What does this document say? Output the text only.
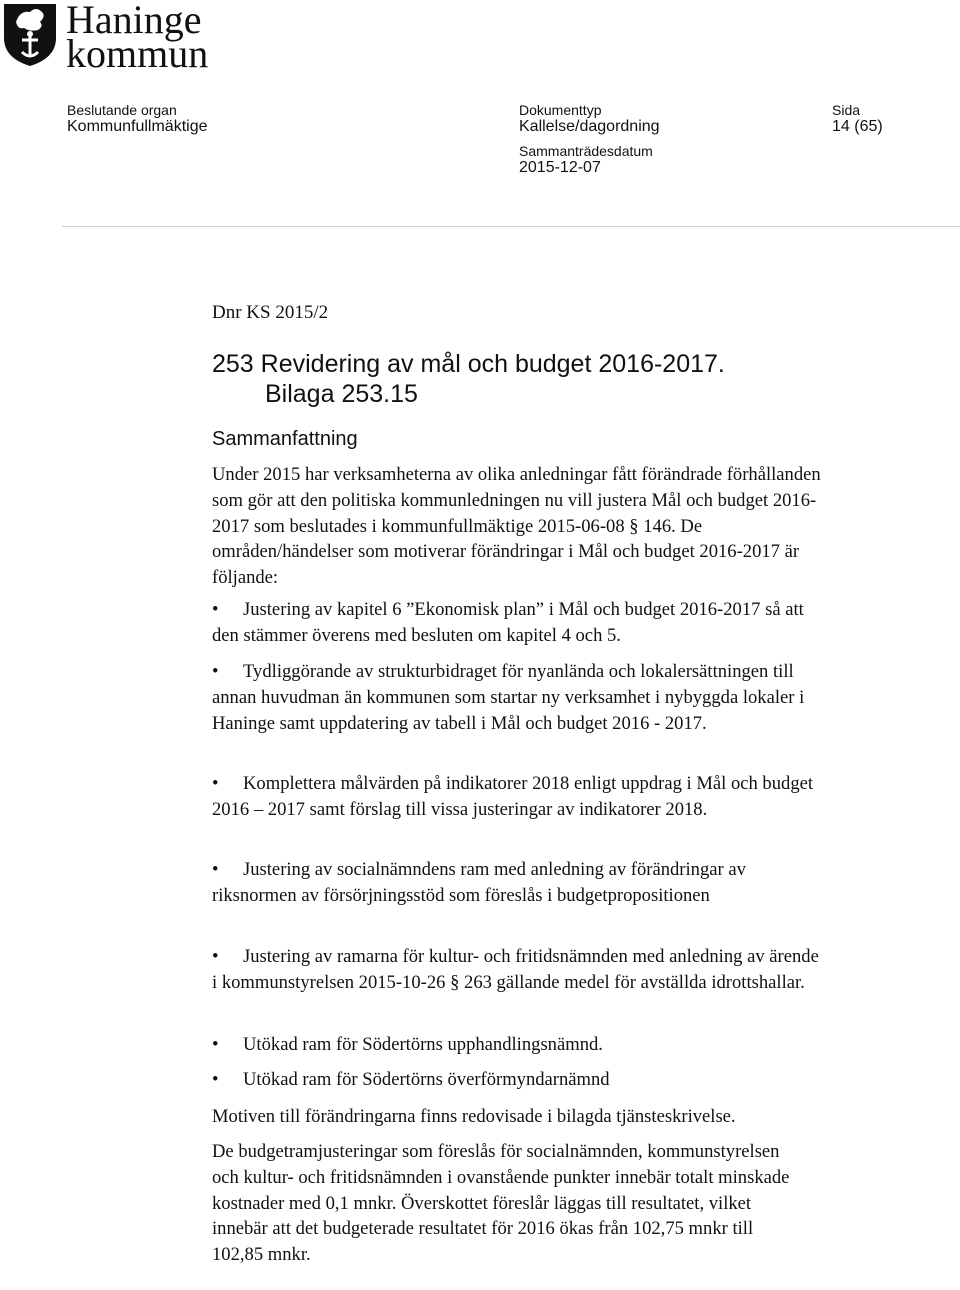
Haninge
kommun
Beslutande organ
Kommunfullmäktige
Dokumenttyp
Kallelse/dagordning
Sammanträdesdatum
2015-12-07
Sida
14 (65)
Dnr KS 2015/2
253 Revidering av mål och budget 2016-2017.
Bilaga 253.15
Sammanfattning
Under 2015 har verksamheterna av olika anledningar fått förändrade förhållanden som gör att den politiska kommunledningen nu vill justera Mål och budget 2016-2017 som beslutades i kommunfullmäktige 2015-06-08 § 146. De områden/händelser som motiverar förändringar i Mål och budget 2016-2017 är följande:
• Justering av kapitel 6 ”Ekonomisk plan” i Mål och budget 2016-2017 så att den stämmer överens med besluten om kapitel 4 och 5.
• Tydliggörande av strukturbidraget för nyanlända och lokalersättningen till annan huvudman än kommunen som startar ny verksamhet i nybyggda lokaler i Haninge samt uppdatering av tabell i Mål och budget 2016 - 2017.
• Komplettera målvärden på indikatorer 2018 enligt uppdrag i Mål och budget 2016 – 2017 samt förslag till vissa justeringar av indikatorer 2018.
• Justering av socialnämndens ram med anledning av förändringar av riksnormen av försörjningsstöd som föreslås i budgetpropositionen
• Justering av ramarna för kultur- och fritidsnämnden med anledning av ärende i kommunstyrelsen 2015-10-26 § 263 gällande medel för avställda idrottshallar.
• Utökad ram för Södertörns upphandlingsnämnd.
• Utökad ram för Södertörns överförmyndarnämnd
Motiven till förändringarna finns redovisade i bilagda tjänsteskrivelse.
De budgetramjusteringar som föreslås för socialnämnden, kommunstyrelsen och kultur- och fritidsnämnden i ovanstående punkter innebär totalt minskade kostnader med 0,1 mnkr. Överskottet föreslår läggas till resultatet, vilket innebär att det budgeterade resultatet för 2016 ökas från 102,75 mnkr till 102,85 mnkr.
